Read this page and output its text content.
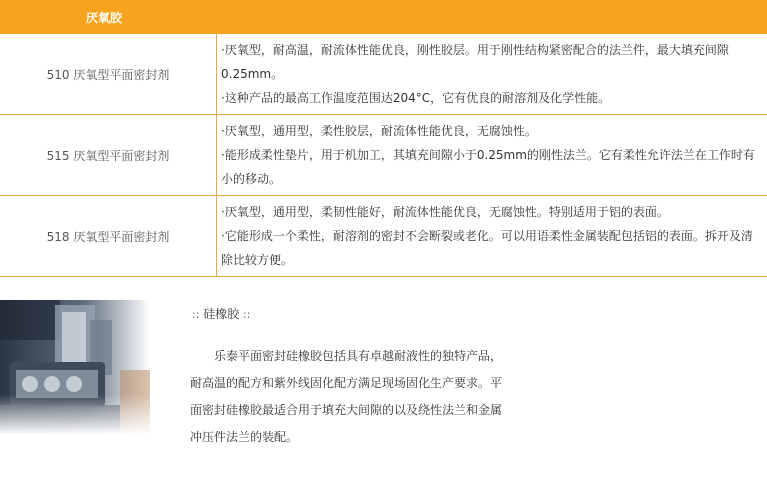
厌氧胶
510 厌氧型平面密封剂	·厌氧型，耐高温，耐流体性能优良，刚性胶层。用于刚性结构紧密配合的法兰件，最大填充间隙0.25mm。

·这种产品的最高工作温度范围达204°C，它有优良的耐溶剂及化学性能。

515 厌氧型平面密封剂	·厌氧型，通用型，柔性胶层，耐流体性能优良，无腐蚀性。

·能形成柔性垫片，用于机加工，其填充间隙小于0.25mm的刚性法兰。它有柔性允许法兰在工作时有小的移动。

518 厌氧型平面密封剂	·厌氧型，通用型，柔韧性能好，耐流体性能优良，无腐蚀性。特别适用于铝的表面。

·它能形成一个柔性，耐溶剂的密封不会断裂或老化。可以用语柔性金属装配包括铝的表面。拆开及清除比较方便。

:: 硅橡胶 ::
乐泰平面密封硅橡胶包括具有卓越耐液性的独特产品，耐高温的配方和紫外线固化配方满足现场固化生产要求。平面密封硅橡胶最适合用于填充大间隙的以及绕性法兰和金属冲压件法兰的装配。
